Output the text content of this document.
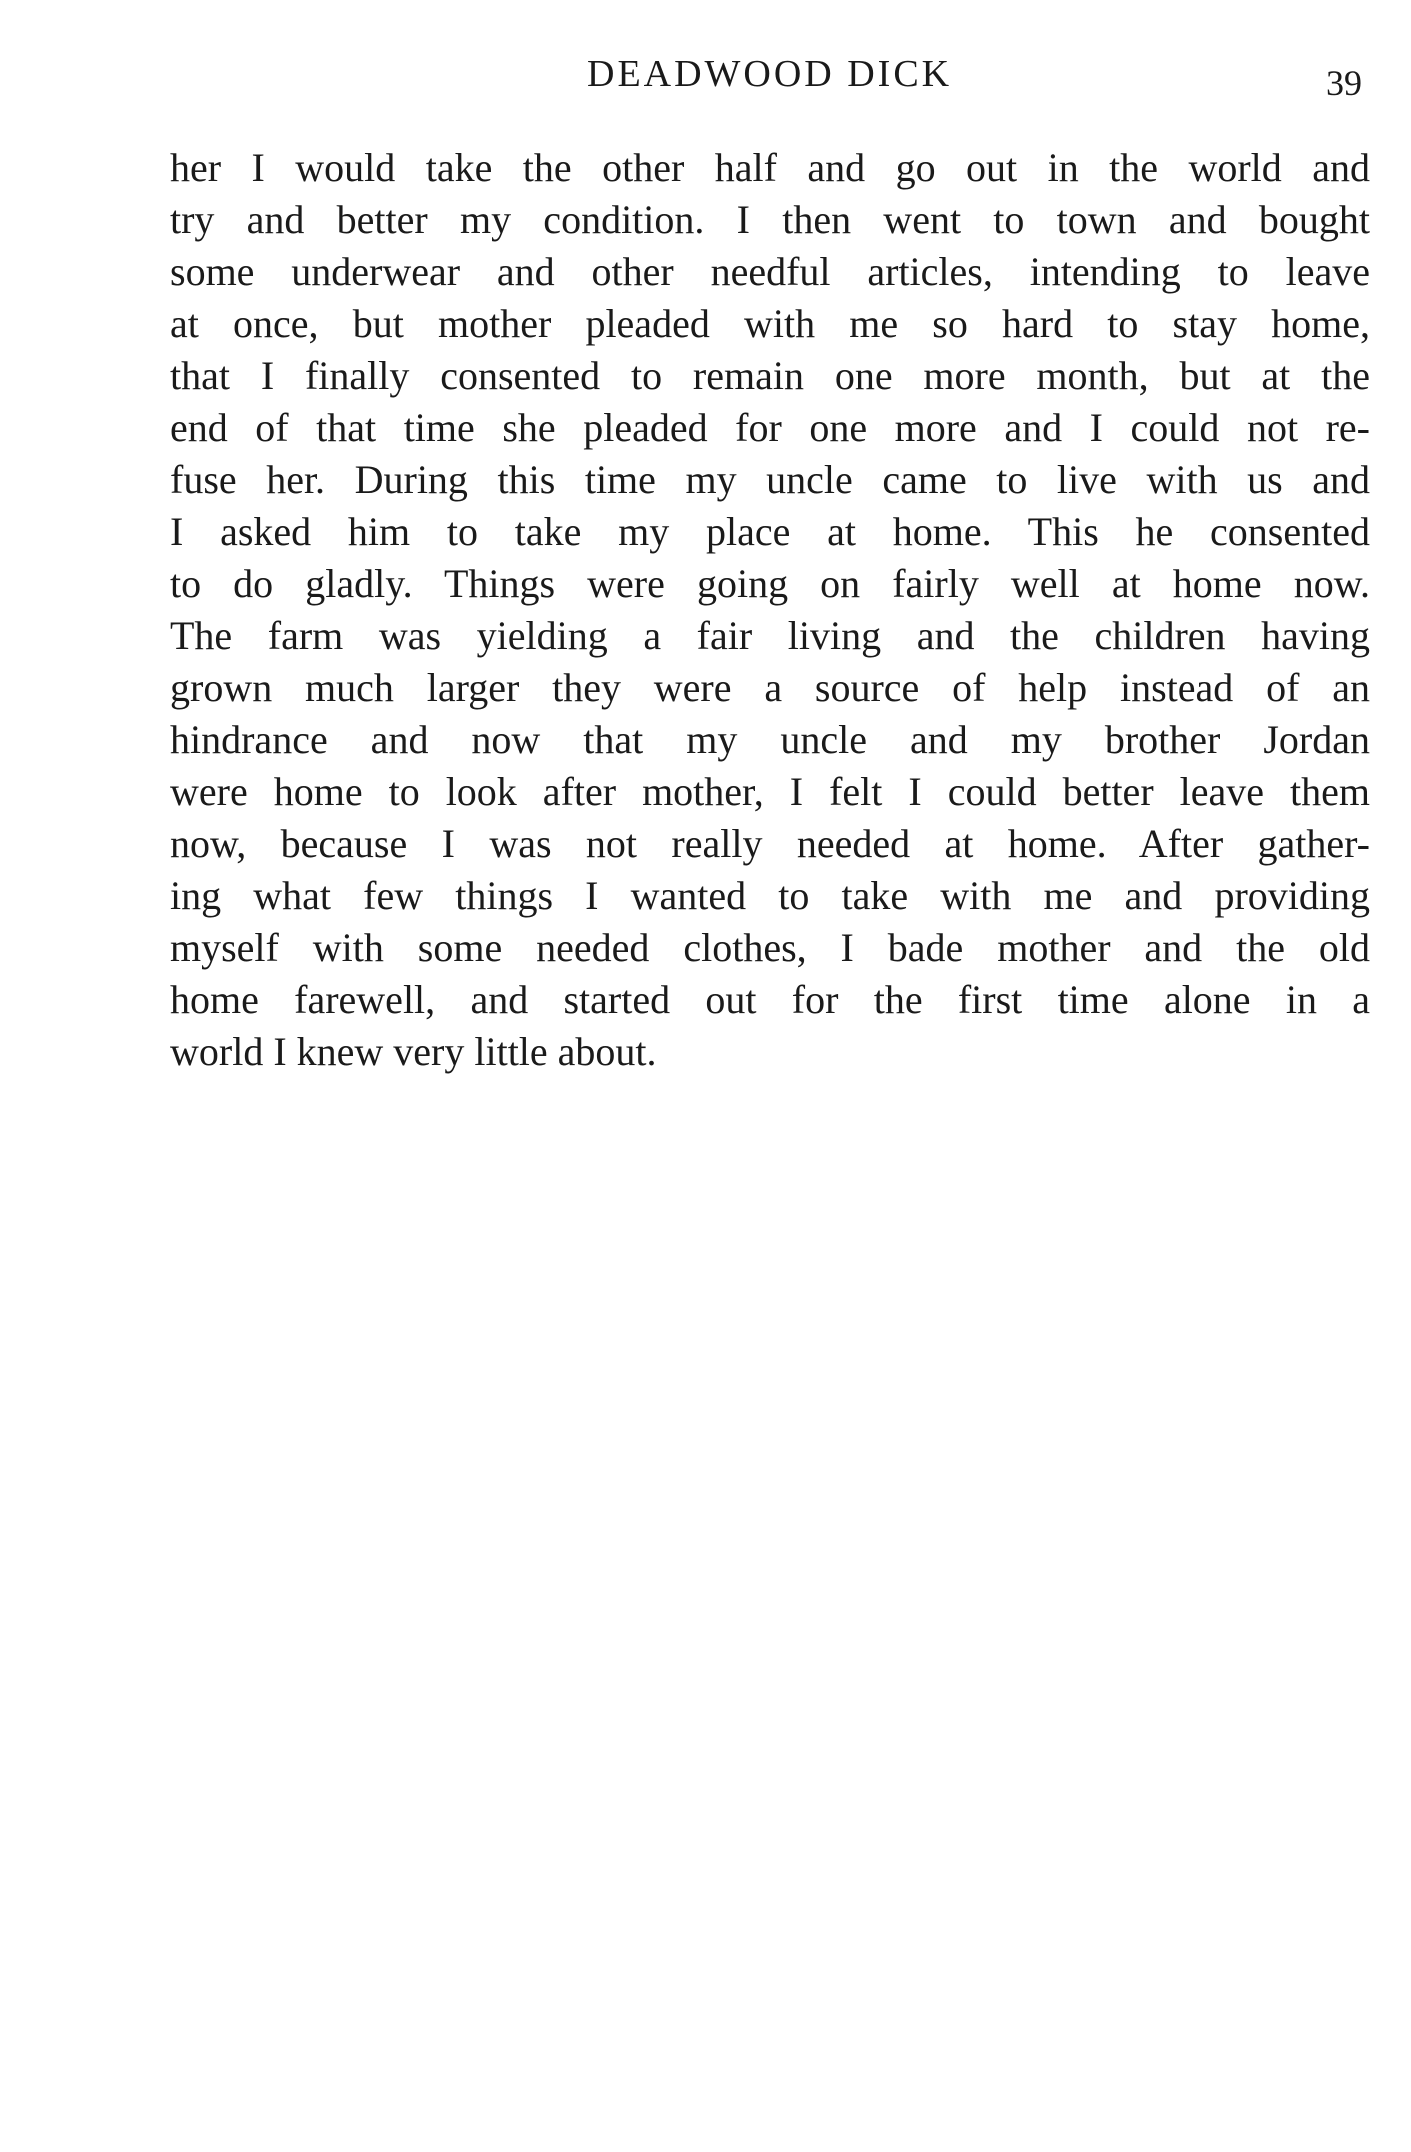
DEADWOOD DICK	39
her I would take the other half and go out in the world and
try and better my condition. I then went to town and bought
some underwear and other needful articles, intending to leave
at once, but mother pleaded with me so hard to stay home,
that I finally consented to remain one more month, but at the
end of that time she pleaded for one more and I could not re-
fuse her. During this time my uncle came to live with us and
I asked him to take my place at home. This he consented
to do gladly. Things were going on fairly well at home now.
The farm was yielding a fair living and the children having
grown much larger they were a source of help instead of an
hindrance and now that my uncle and my brother Jordan
were home to look after mother, I felt I could better leave them
now, because I was not really needed at home. After gather-
ing what few things I wanted to take with me and providing
myself with some needed clothes, I bade mother and the old
home farewell, and started out for the first time alone in a
world I knew very little about.
